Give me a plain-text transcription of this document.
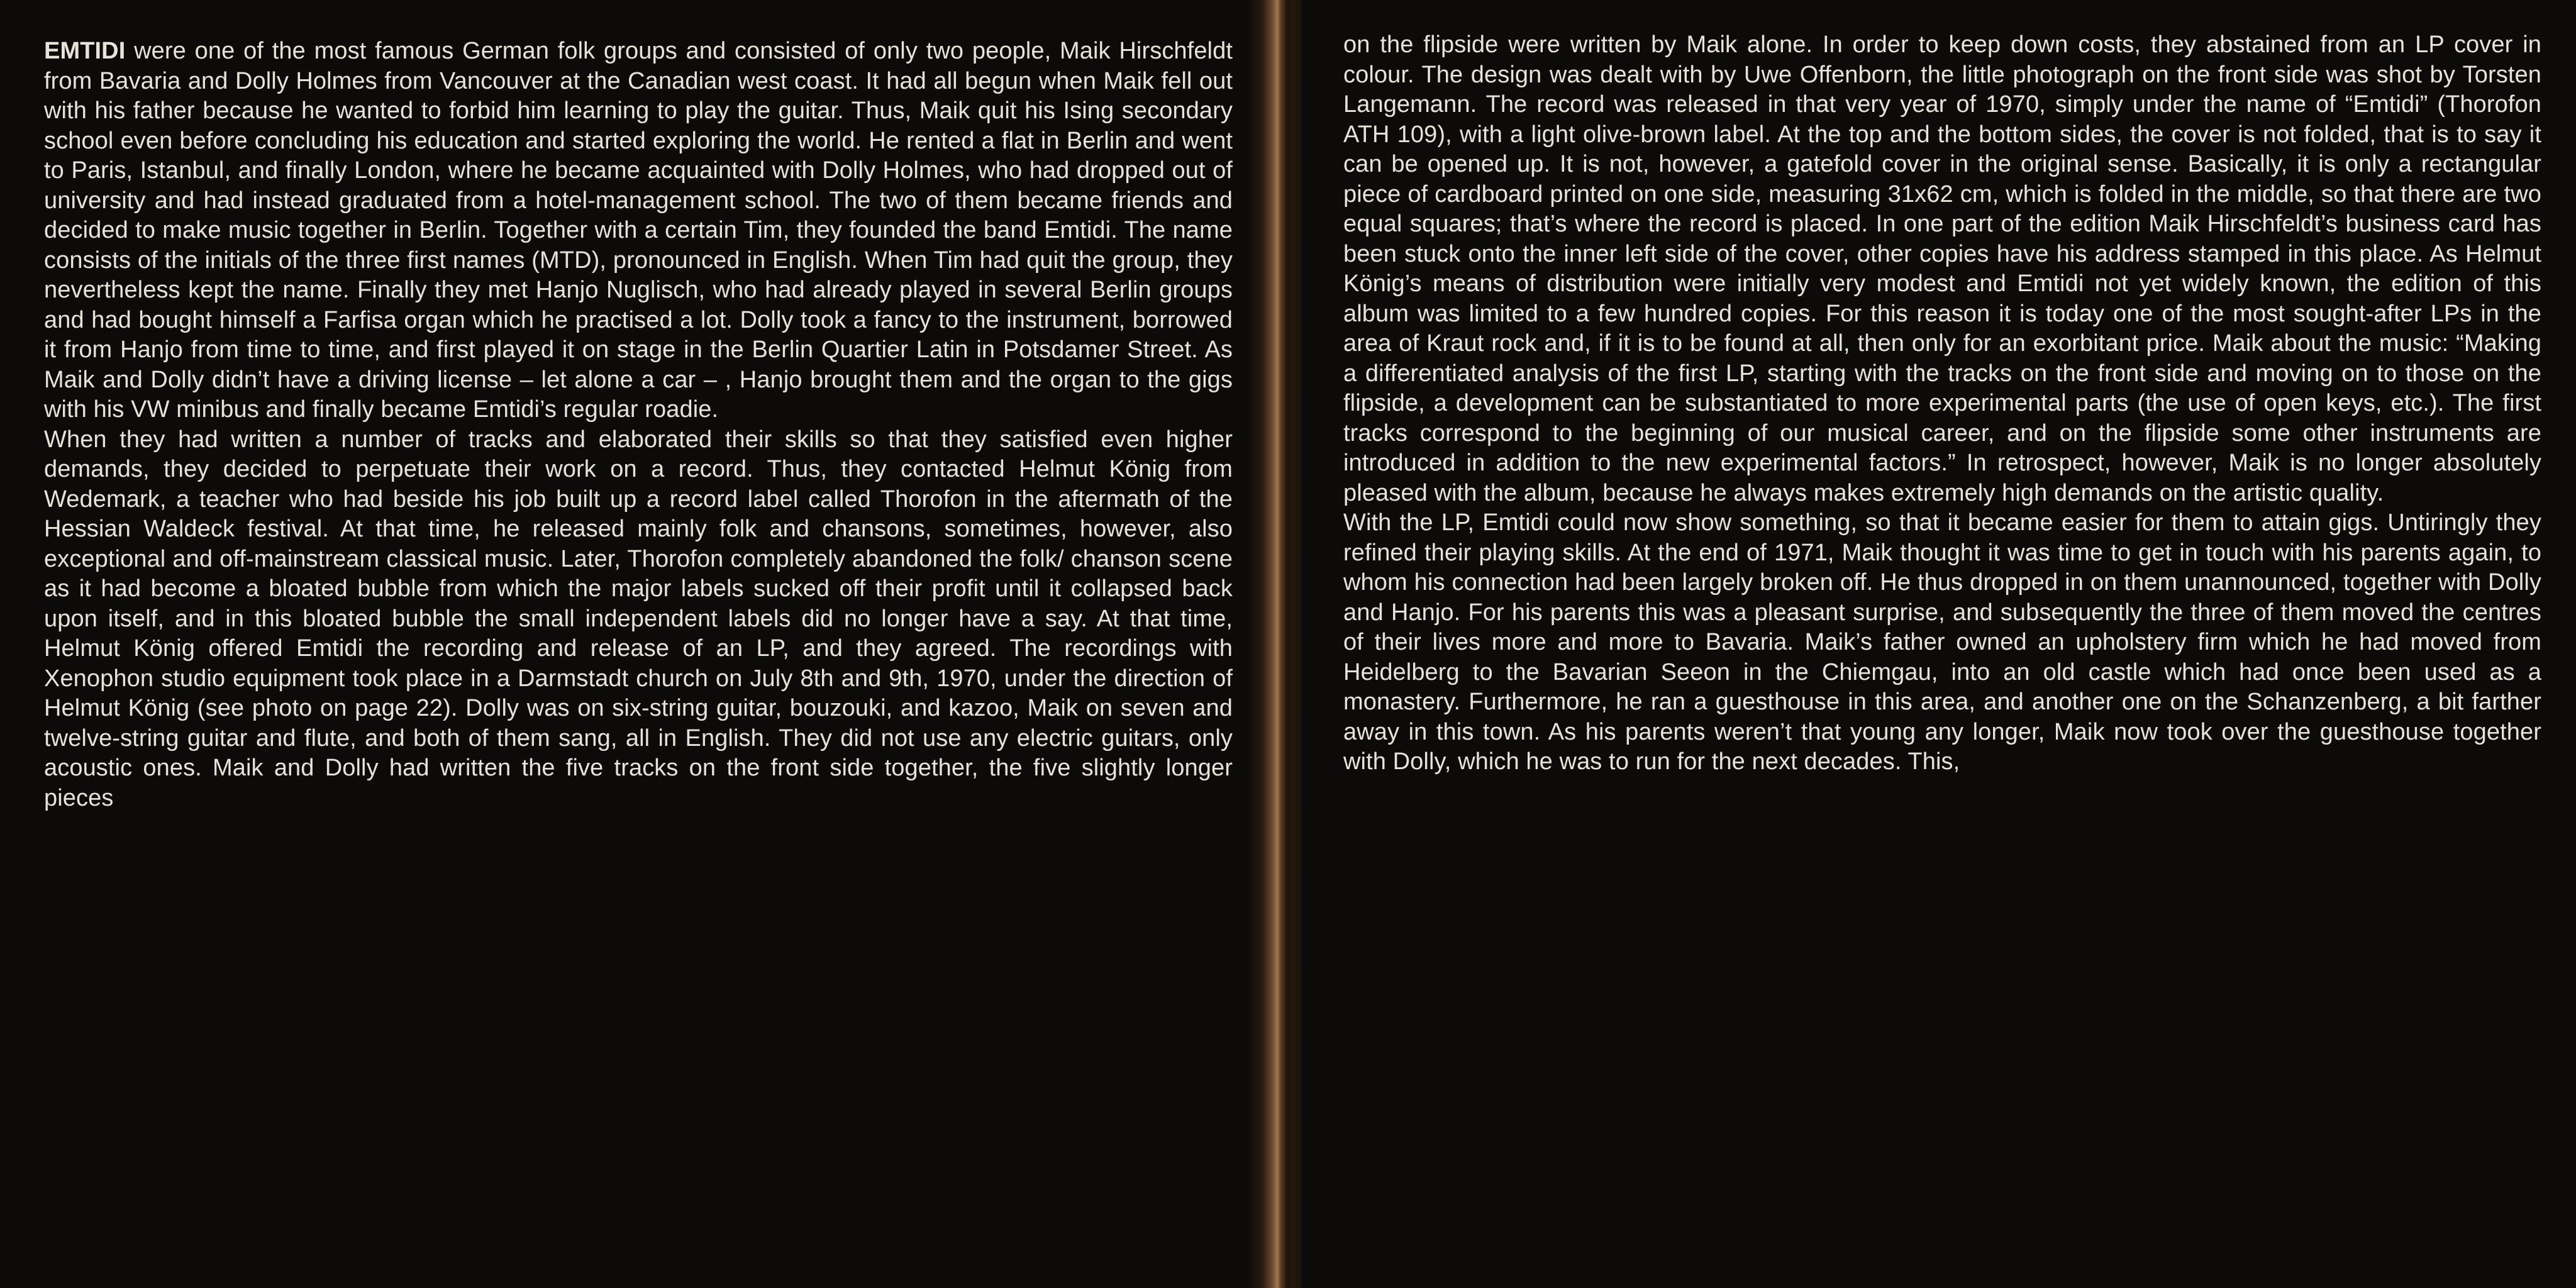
EMTIDI were one of the most famous German folk groups and consisted of only two people, Maik Hirschfeldt from Bavaria and Dolly Holmes from Vancouver at the Canadian west coast. It had all begun when Maik fell out with his father because he wanted to forbid him learning to play the guitar. Thus, Maik quit his Ising secondary school even before concluding his education and started exploring the world. He rented a flat in Berlin and went to Paris, Istanbul, and finally London, where he became acquainted with Dolly Holmes, who had dropped out of university and had instead graduated from a hotel-management school. The two of them became friends and decided to make music together in Berlin. Together with a certain Tim, they founded the band Emtidi. The name consists of the initials of the three first names (MTD), pronounced in English. When Tim had quit the group, they nevertheless kept the name. Finally they met Hanjo Nuglisch, who had already played in several Berlin groups and had bought himself a Farfisa organ which he practised a lot. Dolly took a fancy to the instrument, borrowed it from Hanjo from time to time, and first played it on stage in the Berlin Quartier Latin in Potsdamer Street. As Maik and Dolly didn’t have a driving license – let alone a car – , Hanjo brought them and the organ to the gigs with his VW minibus and finally became Emtidi’s regular roadie.

When they had written a number of tracks and elaborated their skills so that they satisfied even higher demands, they decided to perpetuate their work on a record. Thus, they contacted Helmut König from Wedemark, a teacher who had beside his job built up a record label called Thorofon in the aftermath of the Hessian Waldeck festival. At that time, he released mainly folk and chansons, sometimes, however, also exceptional and off-mainstream classical music. Later, Thorofon completely abandoned the folk/ chanson scene as it had become a bloated bubble from which the major labels sucked off their profit until it collapsed back upon itself, and in this bloated bubble the small independent labels did no longer have a say. At that time, Helmut König offered Emtidi the recording and release of an LP, and they agreed. The recordings with Xenophon studio equipment took place in a Darmstadt church on July 8th and 9th, 1970, under the direction of Helmut König (see photo on page 22). Dolly was on six-string guitar, bouzouki, and kazoo, Maik on seven and twelve-string guitar and flute, and both of them sang, all in English. They did not use any electric guitars, only acoustic ones. Maik and Dolly had written the five tracks on the front side together, the five slightly longer pieces

on the flipside were written by Maik alone. In order to keep down costs, they abstained from an LP cover in colour. The design was dealt with by Uwe Offenborn, the little photograph on the front side was shot by Torsten Langemann. The record was released in that very year of 1970, simply under the name of “Emtidi” (Thorofon ATH 109), with a light olive-brown label. At the top and the bottom sides, the cover is not folded, that is to say it can be opened up. It is not, however, a gatefold cover in the original sense. Basically, it is only a rectangular piece of cardboard printed on one side, measuring 31x62 cm, which is folded in the middle, so that there are two equal squares; that’s where the record is placed. In one part of the edition Maik Hirschfeldt’s business card has been stuck onto the inner left side of the cover, other copies have his address stamped in this place. As Helmut König’s means of distribution were initially very modest and Emtidi not yet widely known, the edition of this album was limited to a few hundred copies. For this reason it is today one of the most sought-after LPs in the area of Kraut rock and, if it is to be found at all, then only for an exorbitant price. Maik about the music: “Making a differentiated analysis of the first LP, starting with the tracks on the front side and moving on to those on the flipside, a development can be substantiated to more experimental parts (the use of open keys, etc.). The first tracks correspond to the beginning of our musical career, and on the flipside some other instruments are introduced in addition to the new experimental factors.” In retrospect, however, Maik is no longer absolutely pleased with the album, because he always makes extremely high demands on the artistic quality.

With the LP, Emtidi could now show something, so that it became easier for them to attain gigs. Untiringly they refined their playing skills. At the end of 1971, Maik thought it was time to get in touch with his parents again, to whom his connection had been largely broken off. He thus dropped in on them unannounced, together with Dolly and Hanjo. For his parents this was a pleasant surprise, and subsequently the three of them moved the centres of their lives more and more to Bavaria. Maik’s father owned an upholstery firm which he had moved from Heidelberg to the Bavarian Seeon in the Chiemgau, into an old castle which had once been used as a monastery. Furthermore, he ran a guesthouse in this area, and another one on the Schanzenberg, a bit farther away in this town. As his parents weren’t that young any longer, Maik now took over the guesthouse together with Dolly, which he was to run for the next decades. This,
